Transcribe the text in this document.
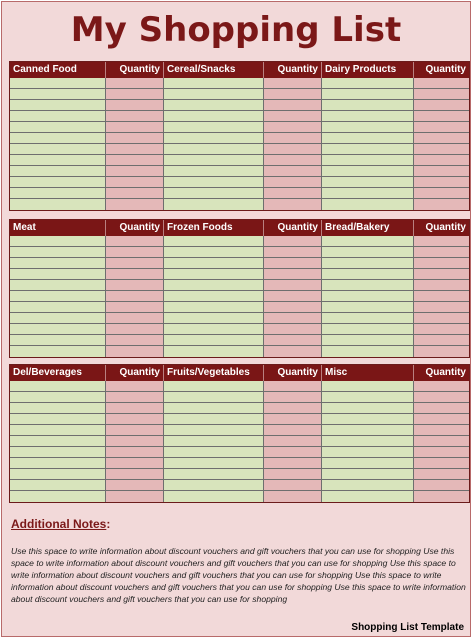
My Shopping List
Canned Food	Quantity Cereal/Snacks	Quantity Dairy Products	Quantity
Meat	Quantity Frozen Foods	Quantity Bread/Bakery	Quantity
Del/Beverages	Quantity Fruits/Vegetables	Quantity Misc	Quantity
Additional Notes:
Use this space to write information about discount vouchers and gift vouchers that you can use for shopping Use this space to write information about discount vouchers and gift vouchers that you can use for shopping Use this space to write information about discount vouchers and gift vouchers that you can use for shopping Use this space to write information about discount vouchers and gift vouchers that you can use for shopping Use this space to write information about discount vouchers and gift vouchers that you can use for shopping
Shopping List Template
